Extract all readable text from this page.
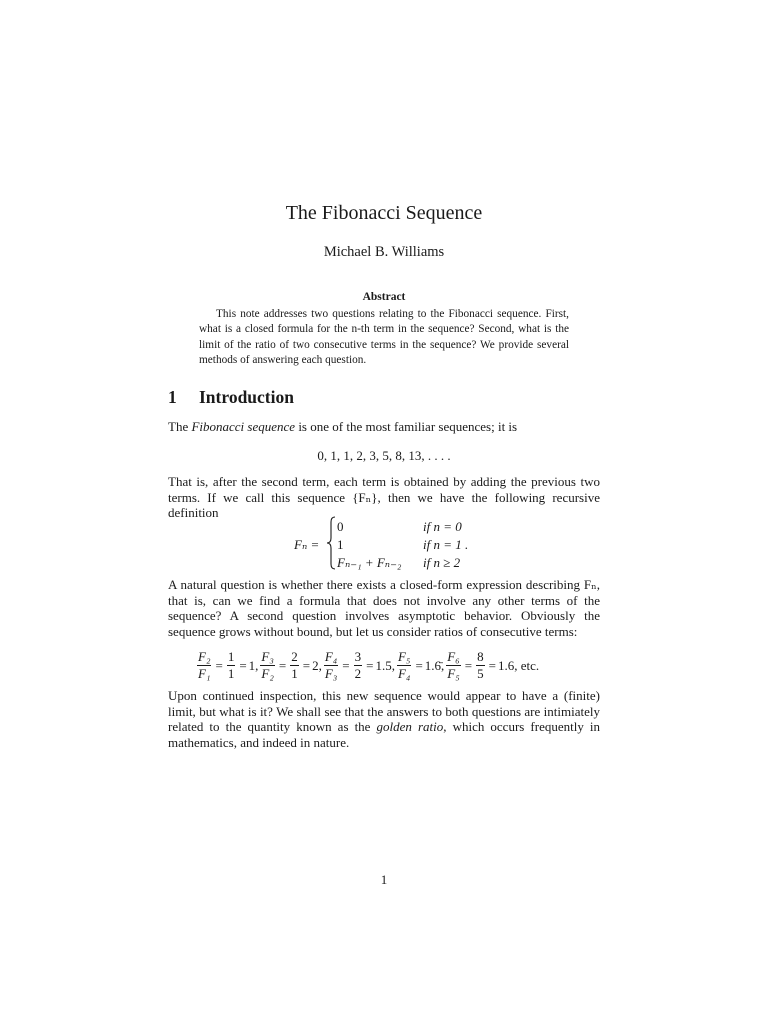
The Fibonacci Sequence
Michael B. Williams
Abstract

This note addresses two questions relating to the Fibonacci sequence. First, what is a closed formula for the n-th term in the sequence? Second, what is the limit of the ratio of two consecutive terms in the sequence? We provide several methods of answering each question.

1 Introduction

The Fibonacci sequence is one of the most familiar sequences; it is

0, 1, 1, 2, 3, 5, 8, 13, . . . .

That is, after the second term, each term is obtained by adding the previous two terms. If we call this sequence {Fₙ}, then we have the following recursive definition

Fₙ =
0	if n = 0
1	if n = 1 .
Fₙ₋₁ + Fₙ₋₂ if n ≥ 2

A natural question is whether there exists a closed-form expression describing Fₙ, that is, can we find a formula that does not involve any other terms of the sequence? A second question involves asymptotic behavior. Obviously the sequence grows without bound, but let us consider ratios of consecutive terms:

$\frac{\text{F₂}}{\text{F₁}} = \frac{1}{1} = 1$, $\frac{\text{F₃}}{\text{F₂}} = \frac{2}{1} = 2$, $\frac{\text{F₄}}{\text{F₃}} = \frac{3}{2} = 1.5$, $\frac{\text{F₅}}{\text{F₄}}$ = 1.6̄, $\frac{\text{F₆}}{\text{F₅}} = \frac{8}{5} = 1.6$, etc.

Upon continued inspection, this new sequence would appear to have a (finite) limit, but what is it? We shall see that the answers to both questions are intimiately related to the quantity known as the golden ratio, which occurs frequently in mathematics, and indeed in nature.

1
